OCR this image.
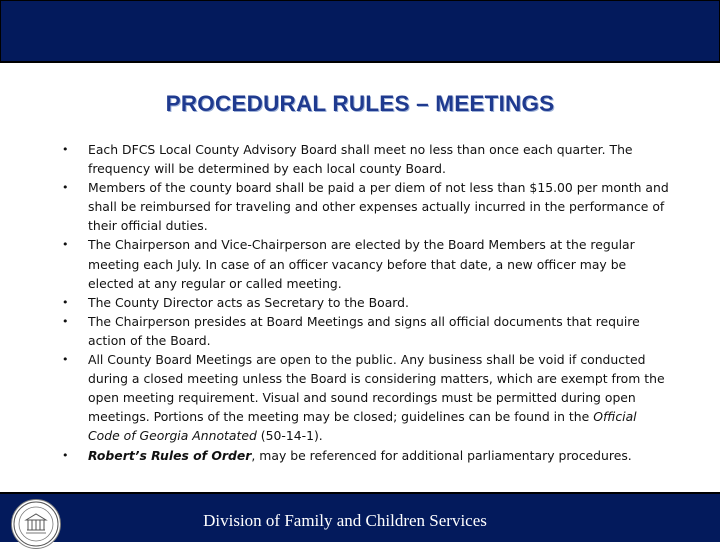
PROCEDURAL RULES – MEETINGS
• Each DFCS Local County Advisory Board shall meet no less than once each quarter. The frequency will be determined by each local county Board.
• Members of the county board shall be paid a per diem of not less than $15.00 per month and shall be reimbursed for traveling and other expenses actually incurred in the performance of their official duties.
• The Chairperson and Vice-Chairperson are elected by the Board Members at the regular meeting each July. In case of an officer vacancy before that date, a new officer may be elected at any regular or called meeting.
• The County Director acts as Secretary to the Board.
• The Chairperson presides at Board Meetings and signs all official documents that require action of the Board.
• All County Board Meetings are open to the public. Any business shall be void if conducted during a closed meeting unless the Board is considering matters, which are exempt from the open meeting requirement. Visual and sound recordings must be permitted during open meetings. Portions of the meeting may be closed; guidelines can be found in the Official Code of Georgia Annotated (50-14-1).
• Robert’s Rules of Order, may be referenced for additional parliamentary procedures.
Division of Family and Children Services
